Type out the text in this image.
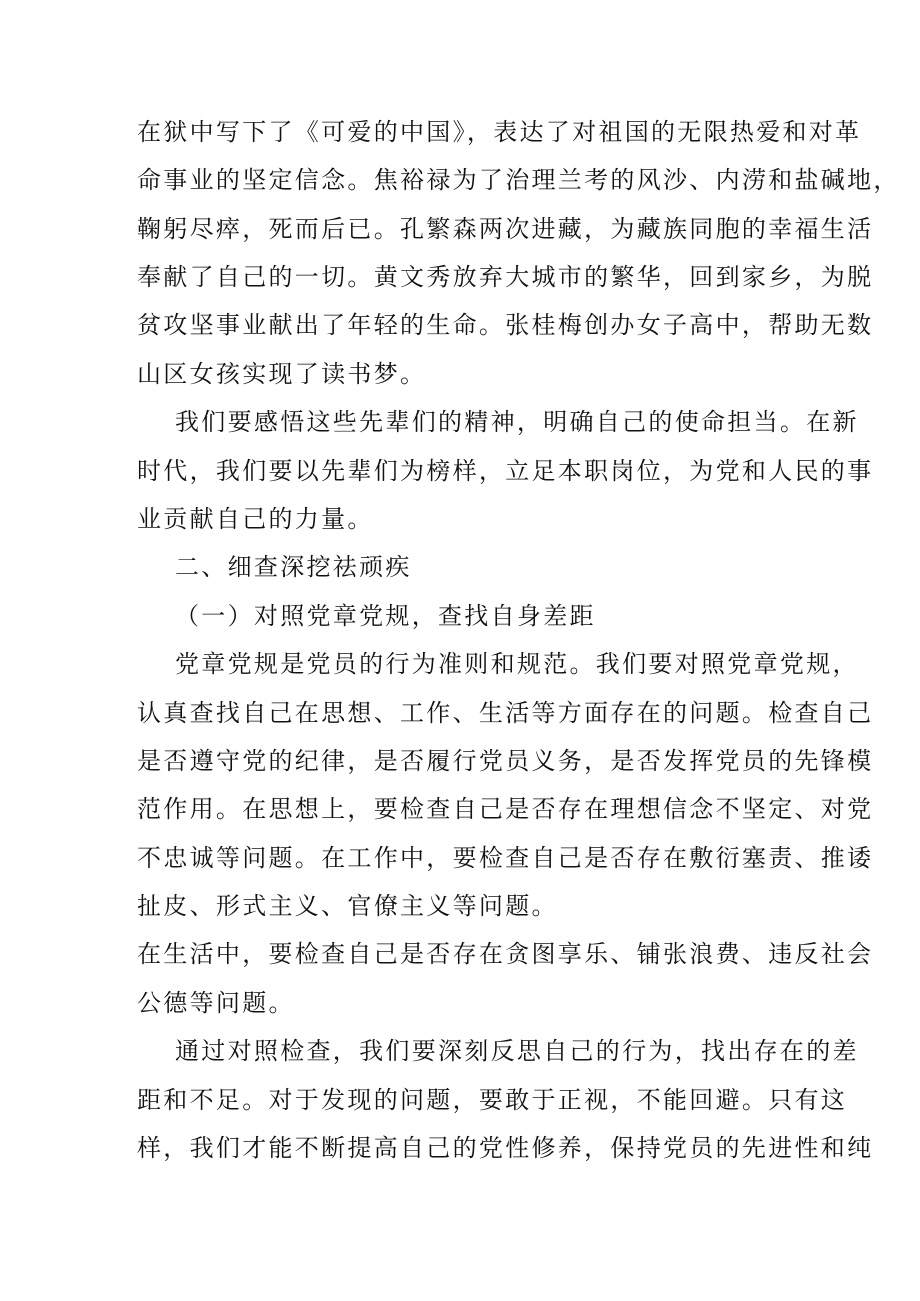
在狱中写下了《可爱的中国》，表达了对祖国的无限热爱和对革
命事业的坚定信念。焦裕禄为了治理兰考的风沙、内涝和盐碱地，
鞠躬尽瘁，死而后已。孔繁森两次进藏，为藏族同胞的幸福生活
奉献了自己的一切。黄文秀放弃大城市的繁华，回到家乡，为脱
贫攻坚事业献出了年轻的生命。张桂梅创办女子高中，帮助无数
山区女孩实现了读书梦。
我们要感悟这些先辈们的精神，明确自己的使命担当。在新
时代，我们要以先辈们为榜样，立足本职岗位，为党和人民的事
业贡献自己的力量。
二、细查深挖祛顽疾
（一）对照党章党规，查找自身差距
党章党规是党员的行为准则和规范。我们要对照党章党规，
认真查找自己在思想、工作、生活等方面存在的问题。检查自己
是否遵守党的纪律，是否履行党员义务，是否发挥党员的先锋模
范作用。在思想上，要检查自己是否存在理想信念不坚定、对党
不忠诚等问题。在工作中，要检查自己是否存在敷衍塞责、推诿
扯皮、形式主义、官僚主义等问题。
在生活中，要检查自己是否存在贪图享乐、铺张浪费、违反社会
公德等问题。
通过对照检查，我们要深刻反思自己的行为，找出存在的差
距和不足。对于发现的问题，要敢于正视，不能回避。只有这
样，我们才能不断提高自己的党性修养，保持党员的先进性和纯
